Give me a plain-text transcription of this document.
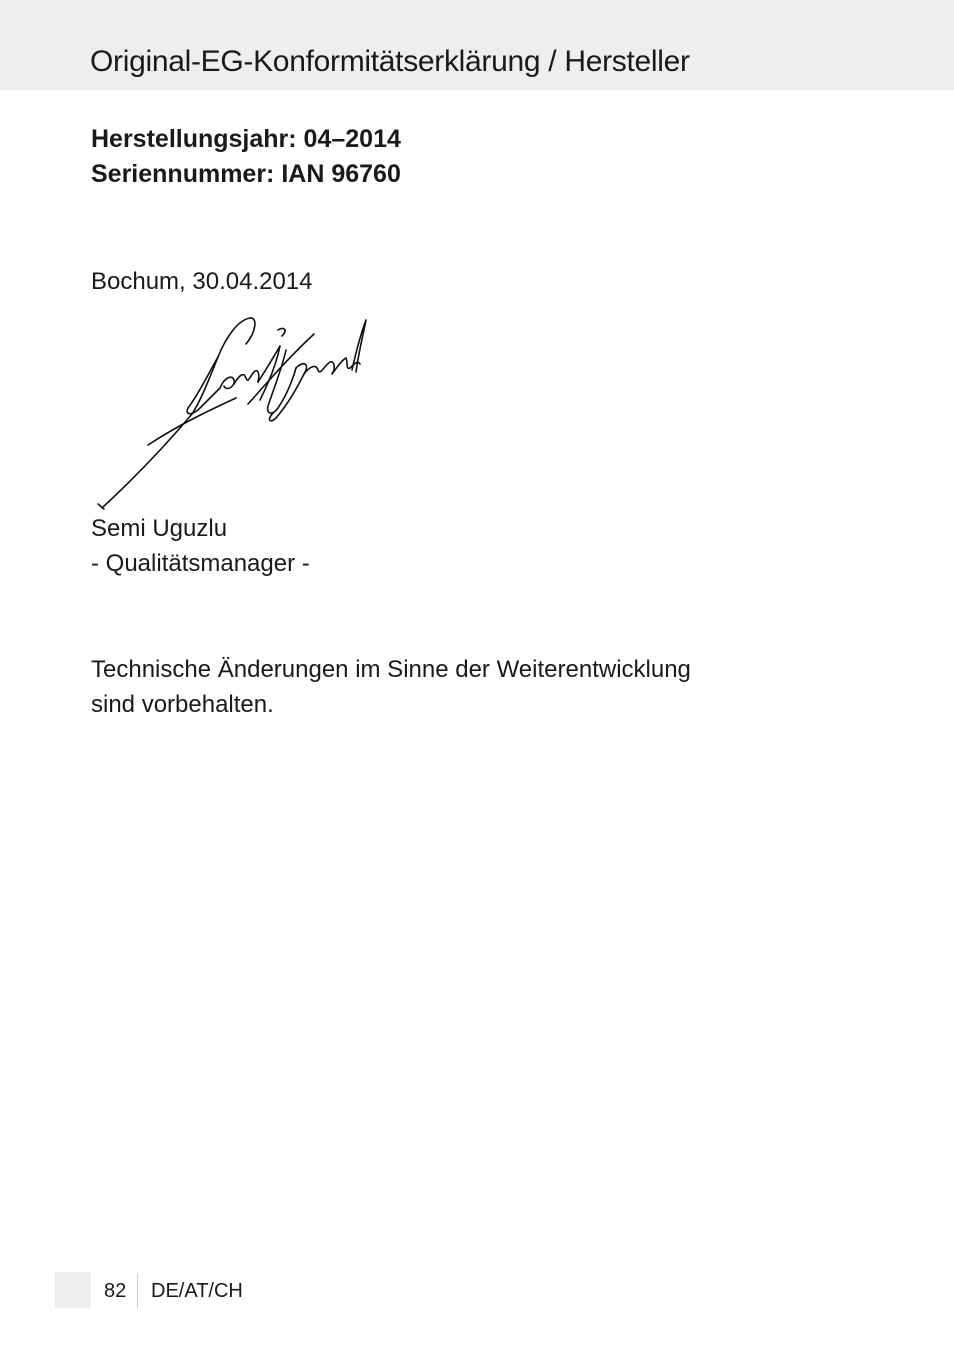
Original-EG-Konformitätserklärung / Hersteller
Herstellungsjahr: 04–2014
Seriennummer: IAN 96760
Bochum, 30.04.2014
Semi Uguzlu
- Qualitätsmanager -
Technische Änderungen im Sinne der Weiterentwicklung
sind vorbehalten.
82 DE/AT/CH
